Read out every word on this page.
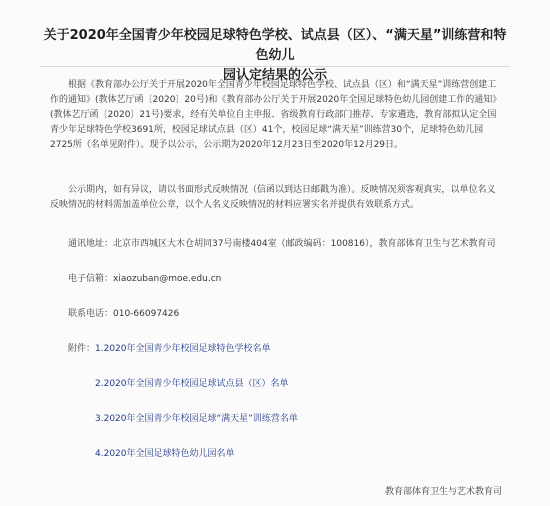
关于2020年全国青少年校园足球特色学校、试点县（区）、“满天星”训练营和特色幼儿
园认定结果的公示

根据《教育部办公厅关于开展2020年全国青少年校园足球特色学校、试点县（区）和“满天星”训练营创建工作的通知》(教体艺厅函〔2020〕20号)和《教育部办公厅关于开展2020年全国足球特色幼儿园创建工作的通知》(教体艺厅函〔2020〕21号)要求，经有关单位自主申报、省级教育行政部门推荐、专家遴选，教育部拟认定全国青少年足球特色学校3691所，校园足球试点县（区）41个，校园足球“满天星”训练营30个，足球特色幼儿园2725所（名单见附件）。现予以公示，公示期为2020年12月23日至2020年12月29日。

公示期内，如有异议，请以书面形式反映情况（信函以到达日邮戳为准）。反映情况须客观真实，以单位名义反映情况的材料需加盖单位公章，以个人名义反映情况的材料应署实名并提供有效联系方式。

通讯地址：北京市西城区大木仓胡同37号南楼404室（邮政编码：100816），教育部体育卫生与艺术教育司
电子信箱：xiaozuban@moe.edu.cn
联系电话：010-66097426
附件： 1.2020年全国青少年校园足球特色学校名单
2.2020年全国青少年校园足球试点县（区）名单
3.2020年全国青少年校园足球“满天星”训练营名单
4.2020年全国足球特色幼儿园名单
教育部体育卫生与艺术教育司
